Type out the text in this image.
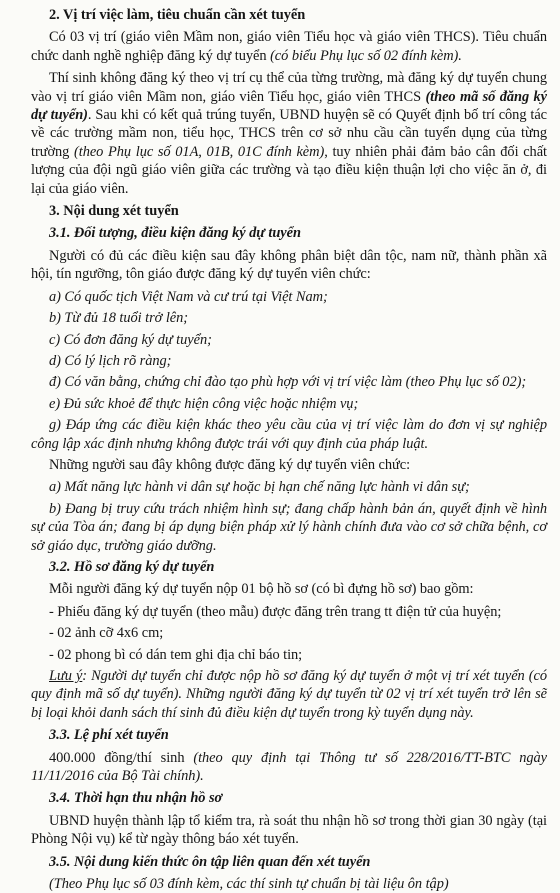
2. Vị trí việc làm, tiêu chuẩn cần xét tuyển

Có 03 vị trí (giáo viên Mầm non, giáo viên Tiểu học và giáo viên THCS). Tiêu chuẩn chức danh nghề nghiệp đăng ký dự tuyển (có biểu Phụ lục số 02 đính kèm).

Thí sinh không đăng ký theo vị trí cụ thể của từng trường, mà đăng ký dự tuyển chung vào vị trí giáo viên Mầm non, giáo viên Tiểu học, giáo viên THCS (theo mã số đăng ký dự tuyển). Sau khi có kết quả trúng tuyển, UBND huyện sẽ có Quyết định bố trí công tác về các trường mầm non, tiểu học, THCS trên cơ sở nhu cầu cần tuyển dụng của từng trường (theo Phụ lục số 01A, 01B, 01C đính kèm), tuy nhiên phải đảm bảo cân đối chất lượng của đội ngũ giáo viên giữa các trường và tạo điều kiện thuận lợi cho việc ăn ở, đi lại của giáo viên.

3. Nội dung xét tuyển
3.1. Đối tượng, điều kiện đăng ký dự tuyển

Người có đủ các điều kiện sau đây không phân biệt dân tộc, nam nữ, thành phần xã hội, tín ngưỡng, tôn giáo được đăng ký dự tuyển viên chức:

a) Có quốc tịch Việt Nam và cư trú tại Việt Nam;

b) Từ đủ 18 tuổi trở lên;

c) Có đơn đăng ký dự tuyển;

d) Có lý lịch rõ ràng;

đ) Có văn bằng, chứng chỉ đào tạo phù hợp với vị trí việc làm (theo Phụ lục số 02);

e) Đủ sức khoẻ để thực hiện công việc hoặc nhiệm vụ;

g) Đáp ứng các điều kiện khác theo yêu cầu của vị trí việc làm do đơn vị sự nghiệp công lập xác định nhưng không được trái với quy định của pháp luật.

Những người sau đây không được đăng ký dự tuyển viên chức:

a) Mất năng lực hành vi dân sự hoặc bị hạn chế năng lực hành vi dân sự;

b) Đang bị truy cứu trách nhiệm hình sự; đang chấp hành bản án, quyết định về hình sự của Tòa án; đang bị áp dụng biện pháp xử lý hành chính đưa vào cơ sở chữa bệnh, cơ sở giáo dục, trường giáo dưỡng.

3.2. Hồ sơ đăng ký dự tuyển

Mỗi người đăng ký dự tuyển nộp 01 bộ hồ sơ (có bì đựng hồ sơ) bao gồm:

- Phiếu đăng ký dự tuyển (theo mẫu) được đăng trên trang tt điện tử của huyện;

- 02 ảnh cỡ 4x6 cm;

- 02 phong bì có dán tem ghi địa chỉ báo tin;

Lưu ý: Người dự tuyển chỉ được nộp hồ sơ đăng ký dự tuyển ở một vị trí xét tuyển (có quy định mã số dự tuyển). Những người đăng ký dự tuyển từ 02 vị trí xét tuyển trở lên sẽ bị loại khỏi danh sách thí sinh đủ điều kiện dự tuyển trong kỳ tuyển dụng này.

3.3. Lệ phí xét tuyển

400.000 đồng/thí sinh (theo quy định tại Thông tư số 228/2016/TT-BTC ngày 11/11/2016 của Bộ Tài chính).

3.4. Thời hạn thu nhận hồ sơ

UBND huyện thành lập tổ kiểm tra, rà soát thu nhận hồ sơ trong thời gian 30 ngày (tại Phòng Nội vụ) kể từ ngày thông báo xét tuyển.

3.5. Nội dung kiến thức ôn tập liên quan đến xét tuyển

(Theo Phụ lục số 03 đính kèm, các thí sinh tự chuẩn bị tài liệu ôn tập)
